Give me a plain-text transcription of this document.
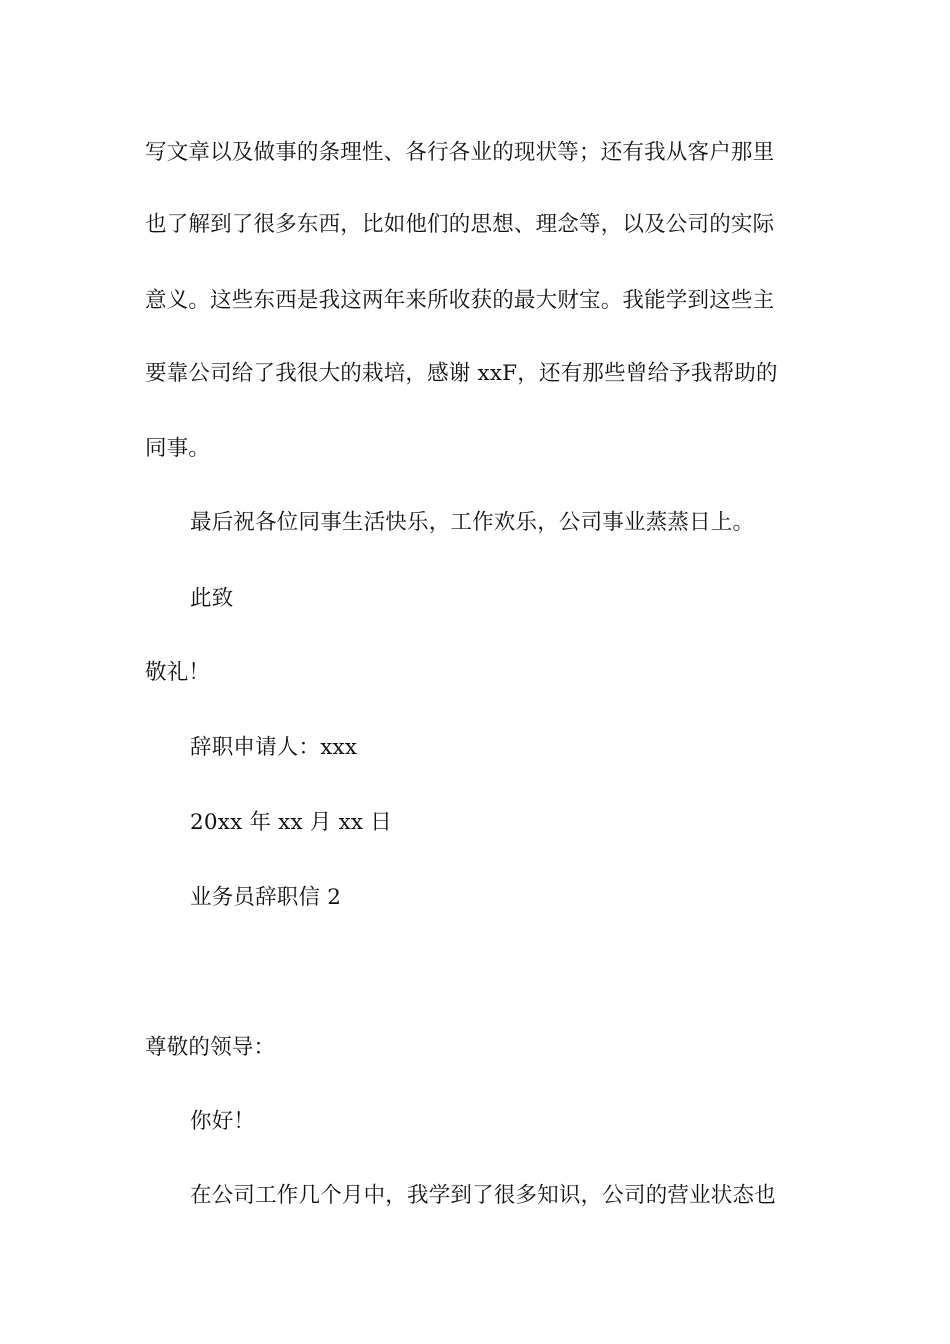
写文章以及做事的条理性、各行各业的现状等；还有我从客户那里
也了解到了很多东西，比如他们的思想、理念等，以及公司的实际
意义。这些东西是我这两年来所收获的最大财宝。我能学到这些主
要靠公司给了我很大的栽培，感谢 xxF，还有那些曾给予我帮助的
同事。
最后祝各位同事生活快乐，工作欢乐，公司事业蒸蒸日上。
此致
敬礼！
辞职申请人：xxx
20xx 年 xx 月 xx 日
业务员辞职信 2
尊敬的领导：
你好！
在公司工作几个月中，我学到了很多知识，公司的营业状态也
